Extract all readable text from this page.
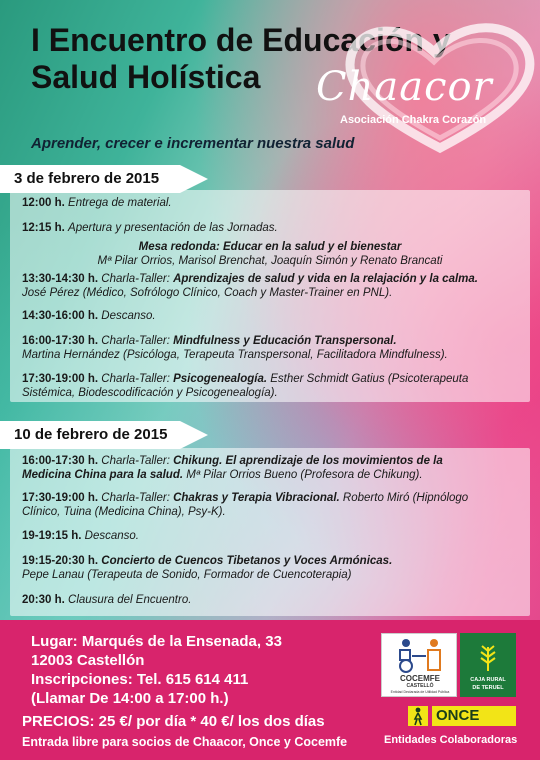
I Encuentro de Educación y
Salud Holística	Chaacor
Asociación Chakra Corazón
Aprender, crecer e incrementar nuestra salud
3 de febrero de 2015

12:00 h. Entrega de material.

12:15 h. Apertura y presentación de las Jornadas.

Mesa redonda: Educar en la salud y el bienestar
Mª Pilar Orrios, Marisol Brenchat, Joaquín Simón y Renato Brancati

13:30-14:30 h. Charla-Taller: Aprendizajes de salud y vida en la relajación y la calma.
José Pérez (Médico, Sofrólogo Clínico, Coach y Master-Trainer en PNL).

14:30-16:00 h. Descanso.

16:00-17:30 h. Charla-Taller: Mindfulness y Educación Transpersonal.
Martina Hernández (Psicóloga, Terapeuta Transpersonal, Facilitadora Mindfulness).

17:30-19:00 h. Charla-Taller: Psicogenealogía. Esther Schmidt Gatius (Psicoterapeuta
Sistémica, Biodescodificación y Psicogenealogía).

10 de febrero de 2015

16:00-17:30 h. Charla-Taller: Chikung. El aprendizaje de los movimientos de la
Medicina China para la salud. Mª Pilar Orrios Bueno (Profesora de Chikung).

17:30-19:00 h. Charla-Taller: Chakras y Terapia Vibracional. Roberto Miró (Hipnólogo
Clínico, Tuina (Medicina China), Psy-K).

19-19:15 h. Descanso.

19:15-20:30 h. Concierto de Cuencos Tibetanos y Voces Armónicas.
Pepe Lanau (Terapeuta de Sonido, Formador de Cuencoterapia)

20:30 h. Clausura del Encuentro.

Lugar: Marqués de la Ensenada, 33
12003 Castellón
Inscripciones: Tel. 615 614 411
(Llamar De 14:00 a 17:00 h.)

PRECIOS: 25 €/ por día * 40 €/ los dos días
Entrada libre para socios de Chaacor, Once y Cocemfe
COCEMFE
CASTELLÓ
Entidad Declarada de Utilidad Pública
CAJA RURAL
DE TERUEL
ONCE
Entidades Colaboradoras
